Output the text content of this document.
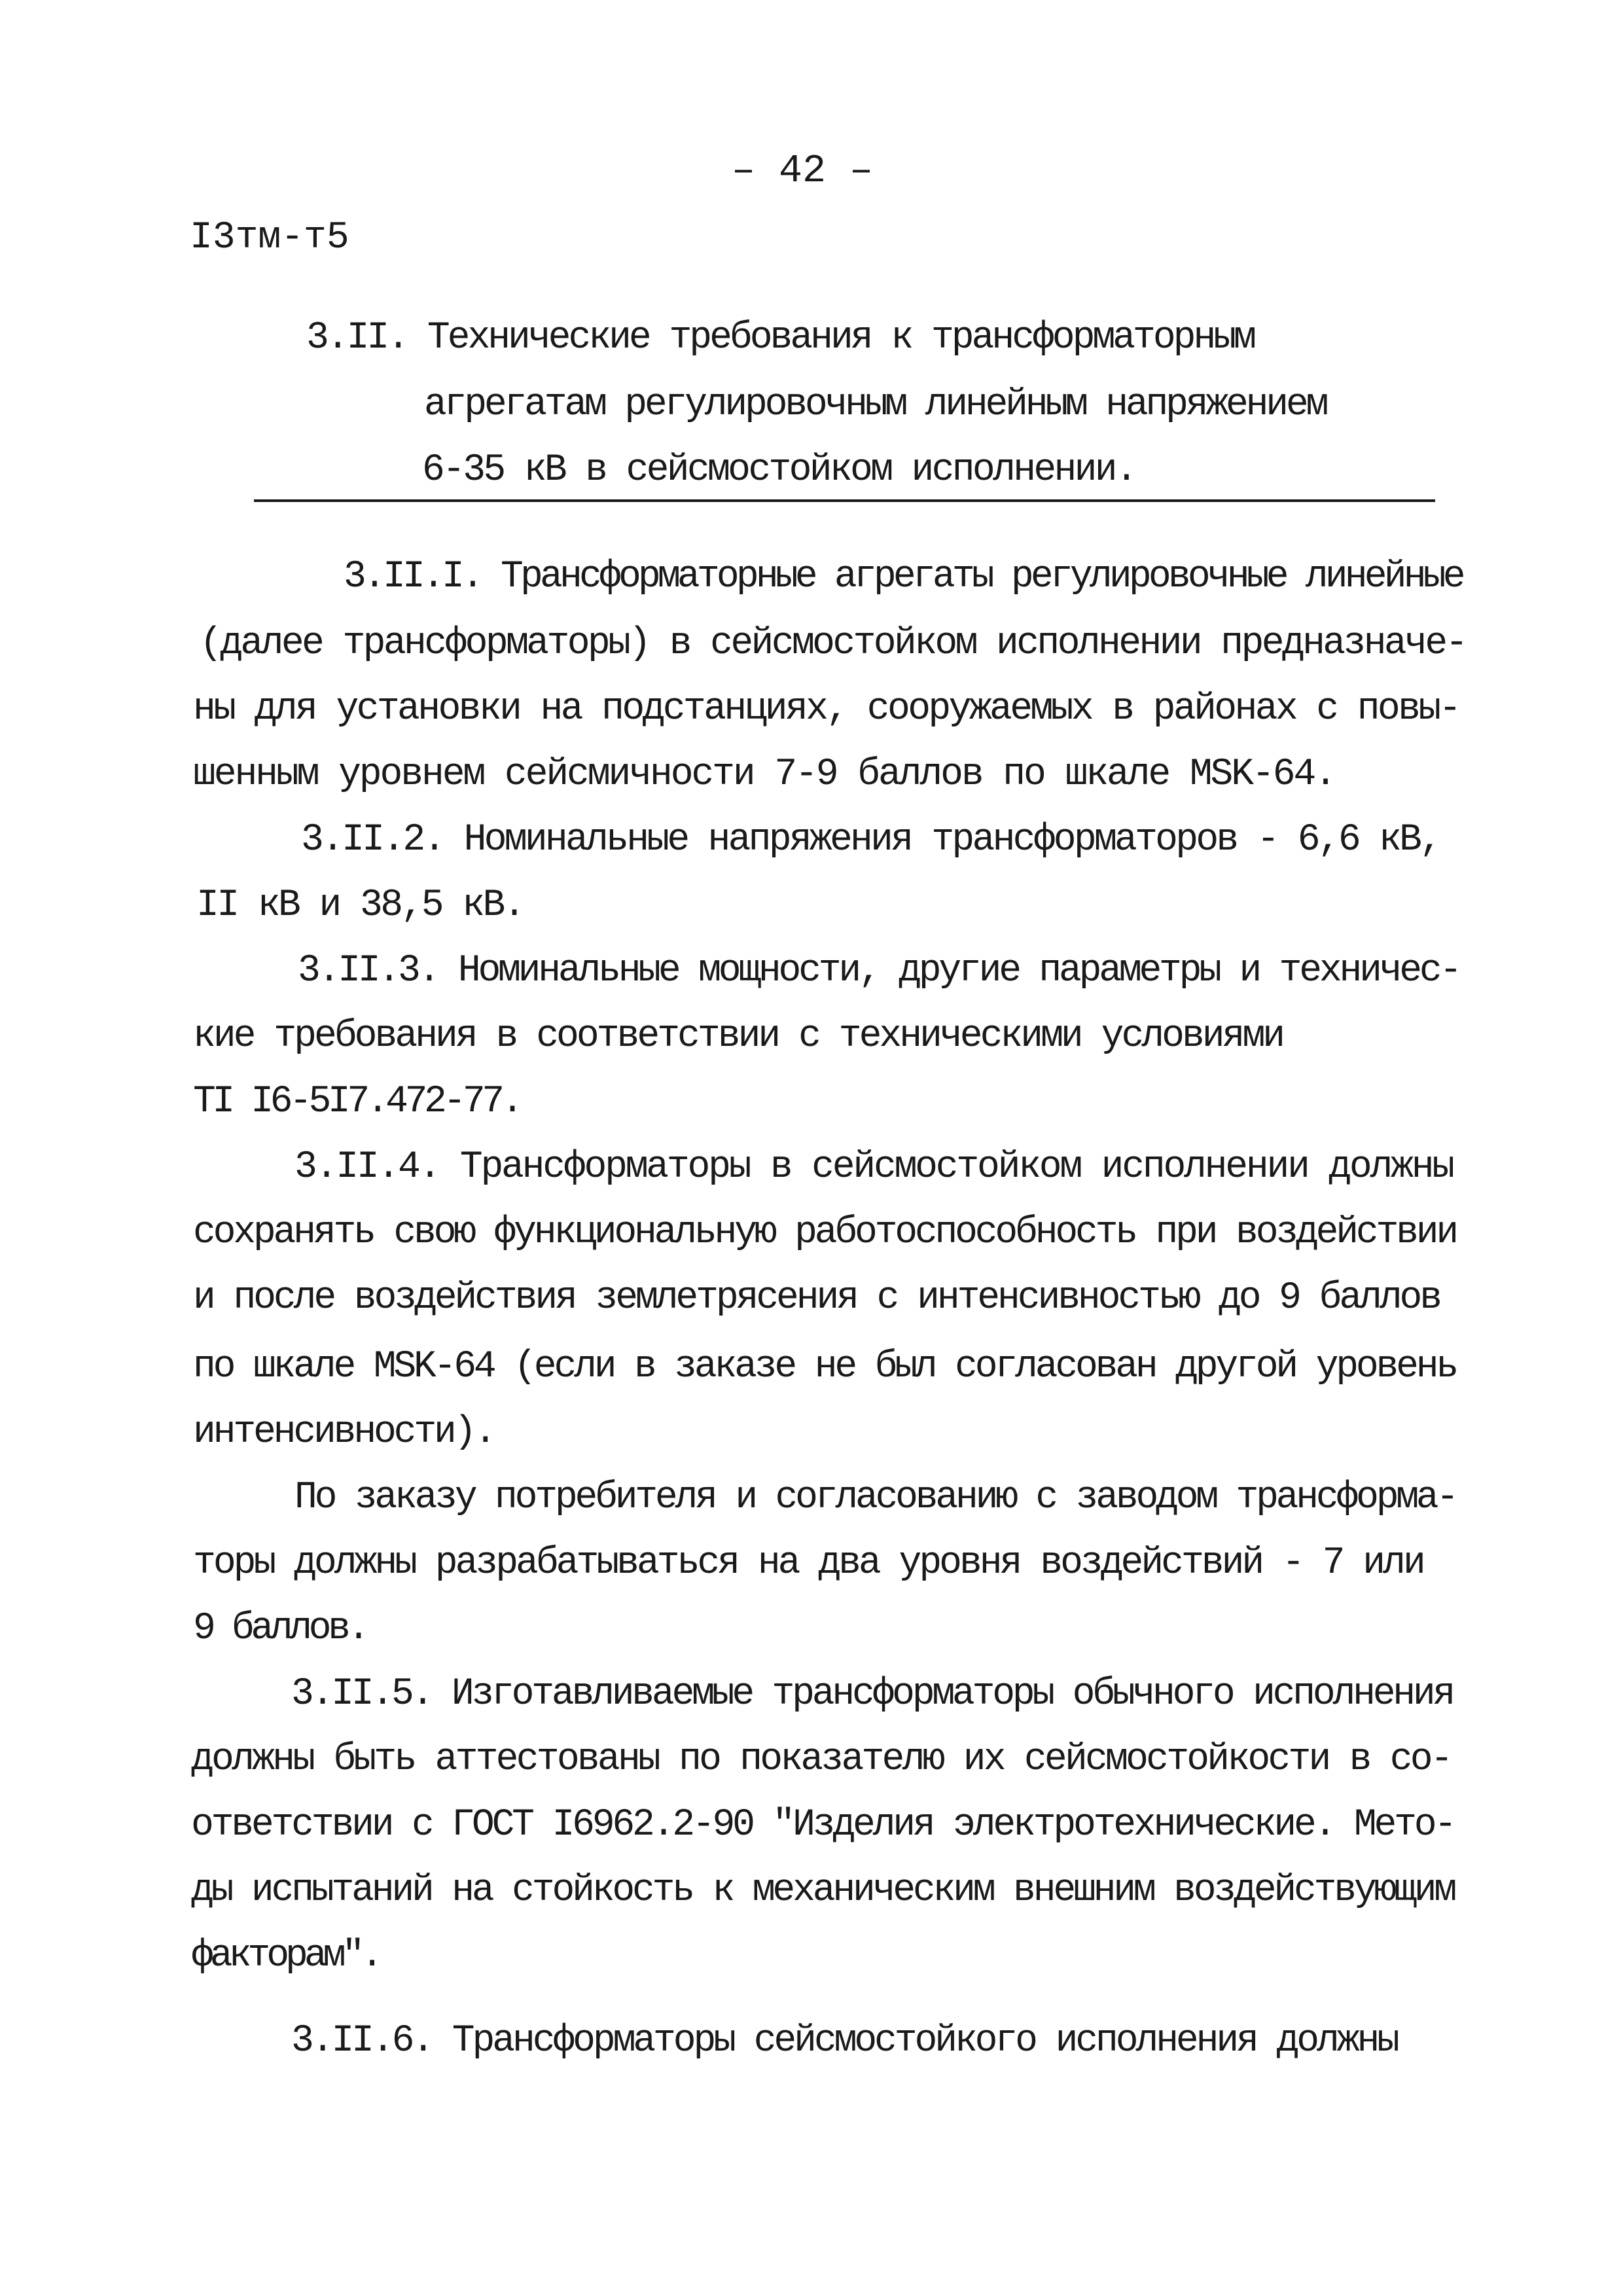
– 42 –
I3тм-т5
3.II. Технические требования к трансформаторным
агрегатам регулировочным линейным напряжением
6-35 кВ в сейсмостойком исполнении.
3.II.I. Трансформаторные агрегаты регулировочные линейные
(далее трансформаторы) в сейсмостойком исполнении предназначе-
ны для установки на подстанциях, сооружаемых в районах с повы-
шенным уровнем сейсмичности 7-9 баллов по шкале MSK-64.
3.II.2. Номинальные напряжения трансформаторов - 6,6 кВ,
II кВ и 38,5 кВ.
3.II.3. Номинальные мощности, другие параметры и техничес-
кие требования в соответствии с техническими условиями
ТI I6-5I7.472-77.
3.II.4. Трансформаторы в сейсмостойком исполнении должны
сохранять свою функциональную работоспособность при воздействии
и после воздействия землетрясения с интенсивностью до 9 баллов
по шкале MSK-64 (если в заказе не был согласован другой уровень
интенсивности).
По заказу потребителя и согласованию с заводом трансформа-
торы должны разрабатываться на два уровня воздействий - 7 или
9 баллов.
3.II.5. Изготавливаемые трансформаторы обычного исполнения
должны быть аттестованы по показателю их сейсмостойкости в со-
ответствии с ГОСТ I6962.2-90 "Изделия электротехнические. Мето-
ды испытаний на стойкость к механическим внешним воздействующим
факторам".
3.II.6. Трансформаторы сейсмостойкого исполнения должны
